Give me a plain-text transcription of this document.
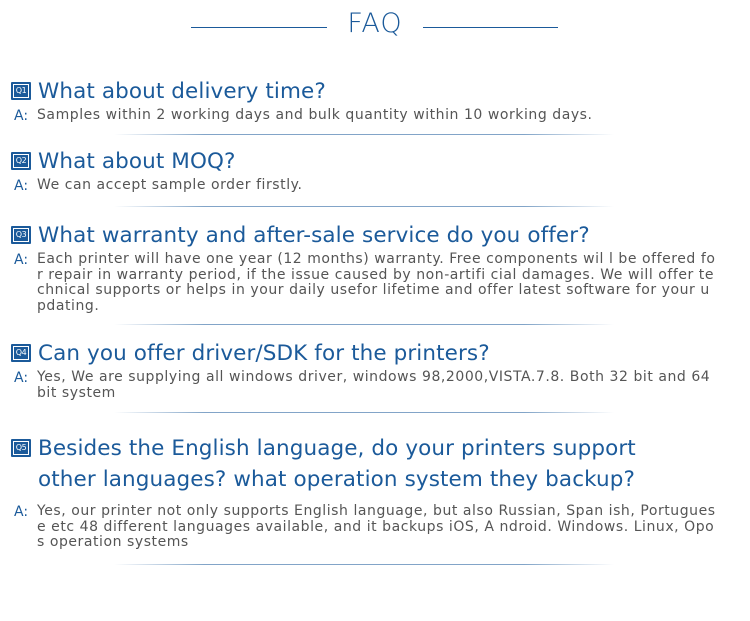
FAQ
Q1 What about delivery time?
A: Samples within 2 working days and bulk quantity within 10 working days.
Q2 What about MOQ?
A: We can accept sample order firstly.
Q3 What warranty and after-sale service do you offer?
A: Each printer will have one year (12 months) warranty. Free components wil l be offered for repair in warranty period, if the issue caused by non-artifi cial damages. We will offer technical supports or helps in your daily usefor lifetime and offer latest software for your updating.
Q4 Can you offer driver/SDK for the printers?
A: Yes, We are supplying all windows driver, windows 98,2000,VISTA.7.8. Both 32 bit and 64 bit system
Q5 Besides the English language, do your printers support
other languages? what operation system they backup?
A: Yes, our printer not only supports English language, but also Russian, Span ish, Portuguese etc 48 different languages available, and it backups iOS, A ndroid. Windows. Linux, Opos operation systems
